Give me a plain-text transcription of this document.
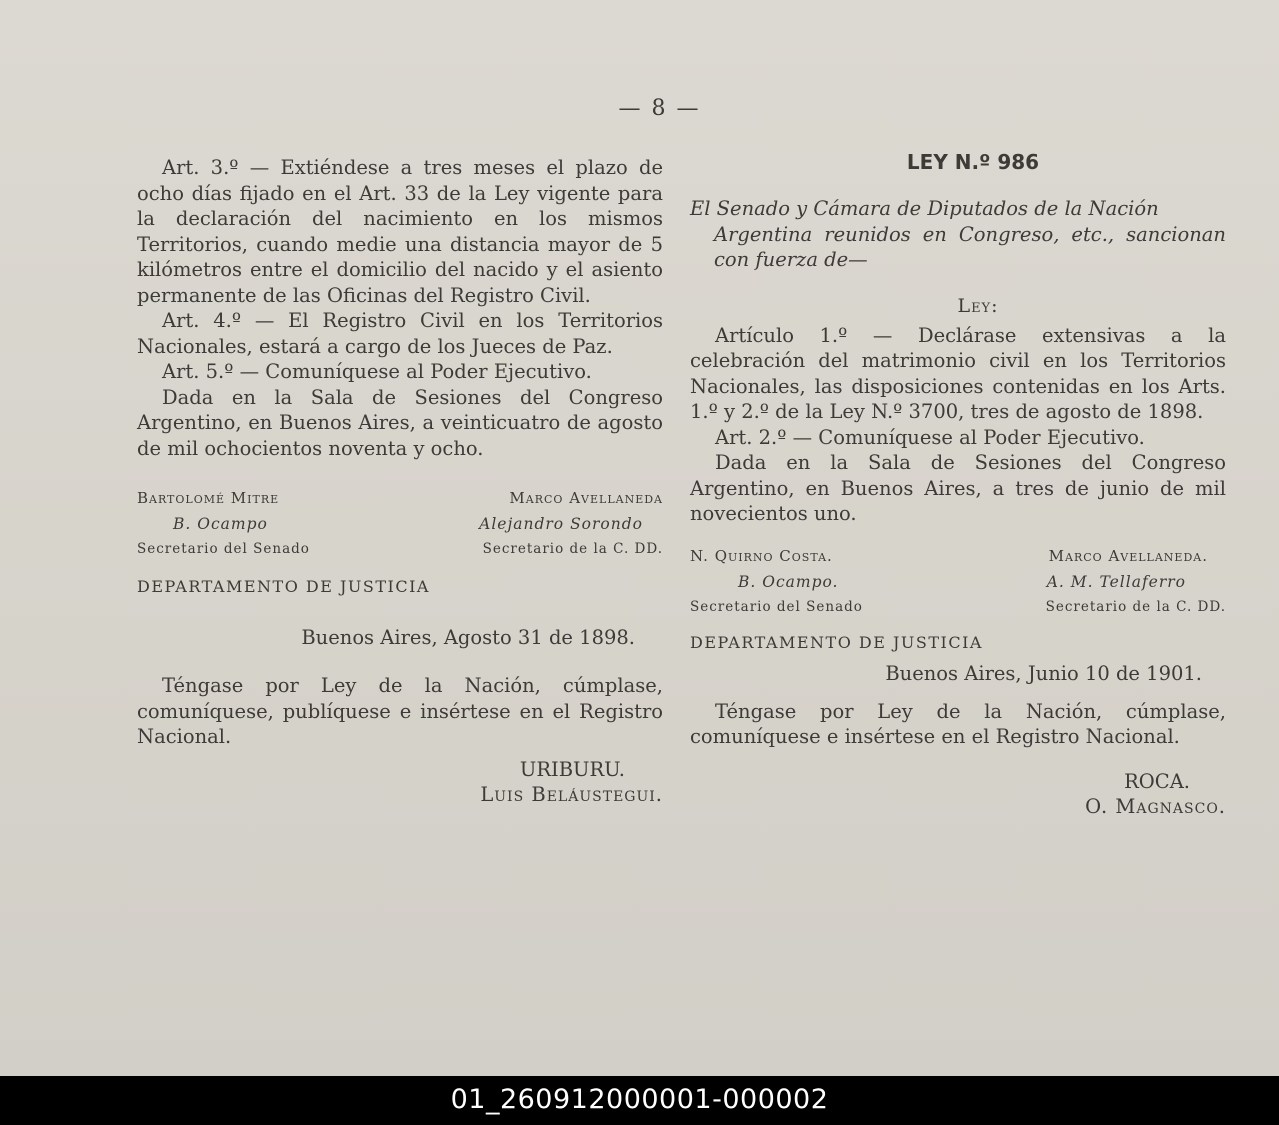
— 8 —

Art. 3.º — Extiéndese a tres meses el plazo de ocho días fijado en el Art. 33 de la Ley vigente para la declaración del nacimiento en los mismos Territorios, cuando medie una distancia mayor de 5 kilómetros entre el domicilio del nacido y el asiento permanente de las Oficinas del Registro Civil.

Art. 4.º — El Registro Civil en los Territorios Nacionales, estará a cargo de los Jueces de Paz.

Art. 5.º — Comuníquese al Poder Ejecutivo.

Dada en la Sala de Sesiones del Congreso Argentino, en Buenos Aires, a veinticuatro de agosto de mil ochocientos noventa y ocho.

Bartolomé Mitre	Marco Avellaneda
B. Ocampo	Alejandro Sorondo
Secretario del Senado	Secretario de la C. DD.

DEPARTAMENTO DE JUSTICIA

Buenos Aires, Agosto 31 de 1898.

Téngase por Ley de la Nación, cúmplase, comuníquese, publíquese e insértese en el Registro Nacional.

URIBURU.

Luis Beláustegui.

LEY N.º 986

El Senado y Cámara de Diputados de la Nación
Argentina reunidos en Congreso, etc., sancionan con fuerza de—

Ley:

Artículo 1.º — Declárase extensivas a la celebración del matrimonio civil en los Territorios Nacionales, las disposiciones contenidas en los Arts. 1.º y 2.º de la Ley N.º 3700, tres de agosto de 1898.

Art. 2.º — Comuníquese al Poder Ejecutivo.

Dada en la Sala de Sesiones del Congreso Argentino, en Buenos Aires, a tres de junio de mil novecientos uno.

N. Quirno Costa.	Marco Avellaneda.
B. Ocampo.	A. M. Tellaferro
Secretario del Senado	Secretario de la C. DD.

DEPARTAMENTO DE JUSTICIA

Buenos Aires, Junio 10 de 1901.

Téngase por Ley de la Nación, cúmplase, comuníquese e insértese en el Registro Nacional.

ROCA.

O. Magnasco.

01_260912000001-000002
